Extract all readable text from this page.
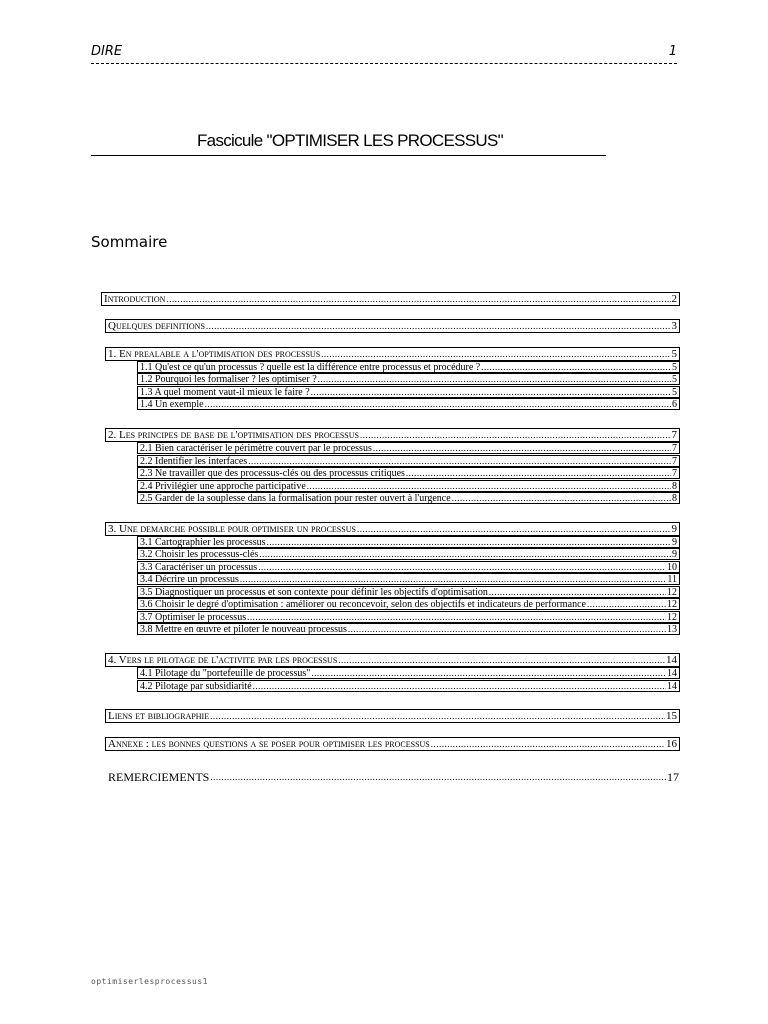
DIRE	1
Fascicule "OPTIMISER LES PROCESSUS"
Sommaire
Introduction .....	2
Quelques definitions .....	3
1. En prealable a l'optimisation des processus .....	5
1.1 Qu'est ce qu'un processus ? quelle est la différence entre processus et procédure ? .....	5
1.2 Pourquoi les formaliser ? les optimiser ? .....	5
1.3 A quel moment vaut-il mieux le faire ? .....	5
1.4 Un exemple .....	6
2. Les principes de base de l'optimisation des processus .....	7
2.1 Bien caractériser le périmètre couvert par le processus .....	7
2.2 Identifier les interfaces .....	7
2.3 Ne travailler que des processus-clés ou des processus critiques .....	7
2.4 Privilégier une approche participative .....	8
2.5 Garder de la souplesse dans la formalisation pour rester ouvert à l'urgence .....	8
3. Une demarche possible pour optimiser un processus .....	9
3.1 Cartographier les processus .....	9
3.2 Choisir les processus-clés .....	9
3.3 Caractériser un processus .....	10
3.4 Décrire un processus .....	11
3.5 Diagnostiquer un processus et son contexte pour définir les objectifs d'optimisation .....	12
3.6 Choisir le degré d'optimisation : améliorer ou reconcevoir, selon des objectifs et indicateurs de performance .....	12
3.7 Optimiser le processus .....	12
3.8 Mettre en œuvre et piloter le nouveau processus .....	13
4. Vers le pilotage de l'activite par les processus .....	14
4.1 Pilotage du "portefeuille de processus" .....	14
4.2 Pilotage par subsidiarité .....	14
Liens et bibliographie .....	15
Annexe : les bonnes questions a se poser pour optimiser les processus .....	16
REMERCIEMENTS .....	17
optimiserlesprocessus1
